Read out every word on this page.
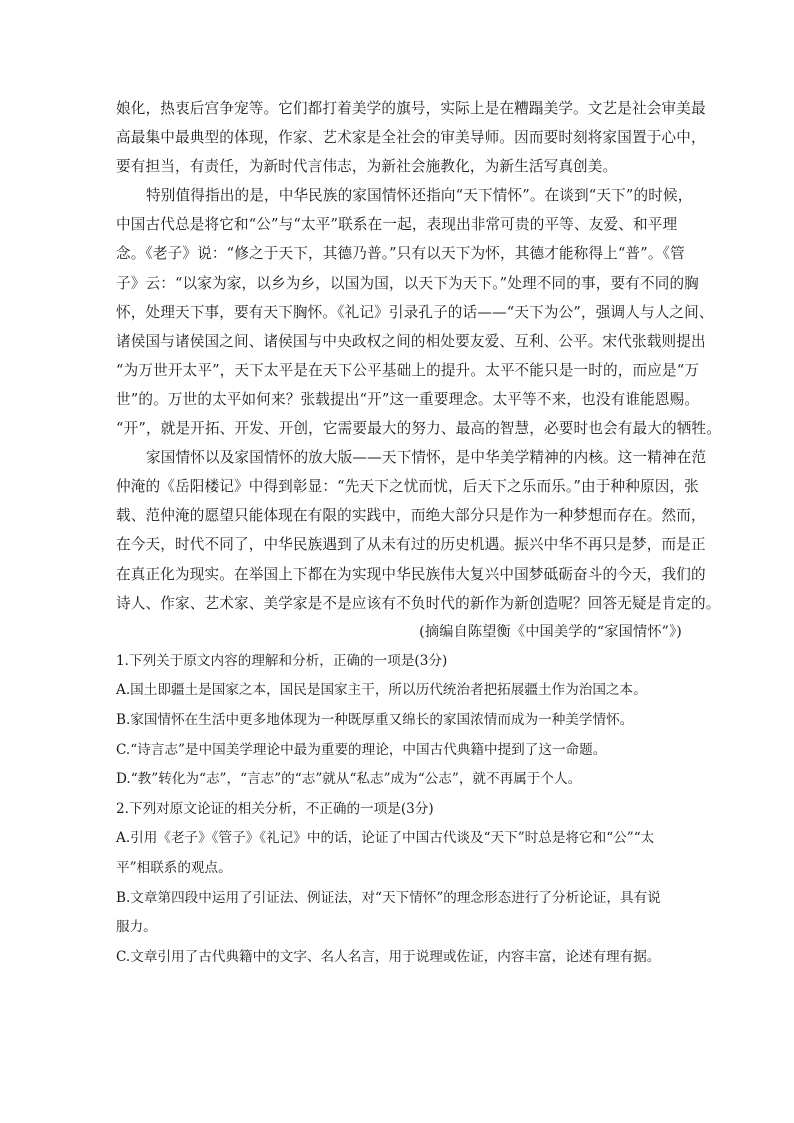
娘化，热衷后宫争宠等。它们都打着美学的旗号，实际上是在糟蹋美学。文艺是社会审美最
高最集中最典型的体现，作家、艺术家是全社会的审美导师。因而要时刻将家国置于心中，
要有担当，有责任，为新时代言伟志，为新社会施教化，为新生活写真创美。
特别值得指出的是，中华民族的家国情怀还指向“天下情怀”。在谈到“天下”的时候，
中国古代总是将它和“公”与“太平”联系在一起，表现出非常可贵的平等、友爱、和平理
念。《老子》说：“修之于天下，其德乃普。”只有以天下为怀，其德才能称得上“普”。《管
子》云：“以家为家，以乡为乡，以国为国，以天下为天下。”处理不同的事，要有不同的胸
怀，处理天下事，要有天下胸怀。《礼记》引录孔子的话——“天下为公”，强调人与人之间、
诸侯国与诸侯国之间、诸侯国与中央政权之间的相处要友爱、互利、公平。宋代张载则提出
“为万世开太平”，天下太平是在天下公平基础上的提升。太平不能只是一时的，而应是“万
世”的。万世的太平如何来？张载提出“开”这一重要理念。太平等不来，也没有谁能恩赐。
“开”，就是开拓、开发、开创，它需要最大的努力、最高的智慧，必要时也会有最大的牺牲。
家国情怀以及家国情怀的放大版——天下情怀，是中华美学精神的内核。这一精神在范
仲淹的《岳阳楼记》中得到彰显：“先天下之忧而忧，后天下之乐而乐。”由于种种原因，张
载、范仲淹的愿望只能体现在有限的实践中，而绝大部分只是作为一种梦想而存在。然而，
在今天，时代不同了，中华民族遇到了从未有过的历史机遇。振兴中华不再只是梦，而是正
在真正化为现实。在举国上下都在为实现中华民族伟大复兴中国梦砥砺奋斗的今天，我们的
诗人、作家、艺术家、美学家是不是应该有不负时代的新作为新创造呢？回答无疑是肯定的。
(摘编自陈望衡《中国美学的“家国情怀”》)
1.下列关于原文内容的理解和分析，正确的一项是(3分)
A.国土即疆土是国家之本，国民是国家主干，所以历代统治者把拓展疆土作为治国之本。
B.家国情怀在生活中更多地体现为一种既厚重又绵长的家国浓情而成为一种美学情怀。
C.“诗言志”是中国美学理论中最为重要的理论，中国古代典籍中提到了这一命题。
D.“教”转化为“志”，“言志”的“志”就从“私志”成为“公志”，就不再属于个人。
2.下列对原文论证的相关分析，不正确的一项是(3分)
A.引用《老子》《管子》《礼记》中的话，论证了中国古代谈及“天下”时总是将它和“公”“太
平”相联系的观点。
B.文章第四段中运用了引证法、例证法，对“天下情怀”的理念形态进行了分析论证，具有说
服力。
C.文章引用了古代典籍中的文字、名人名言，用于说理或佐证，内容丰富，论述有理有据。
